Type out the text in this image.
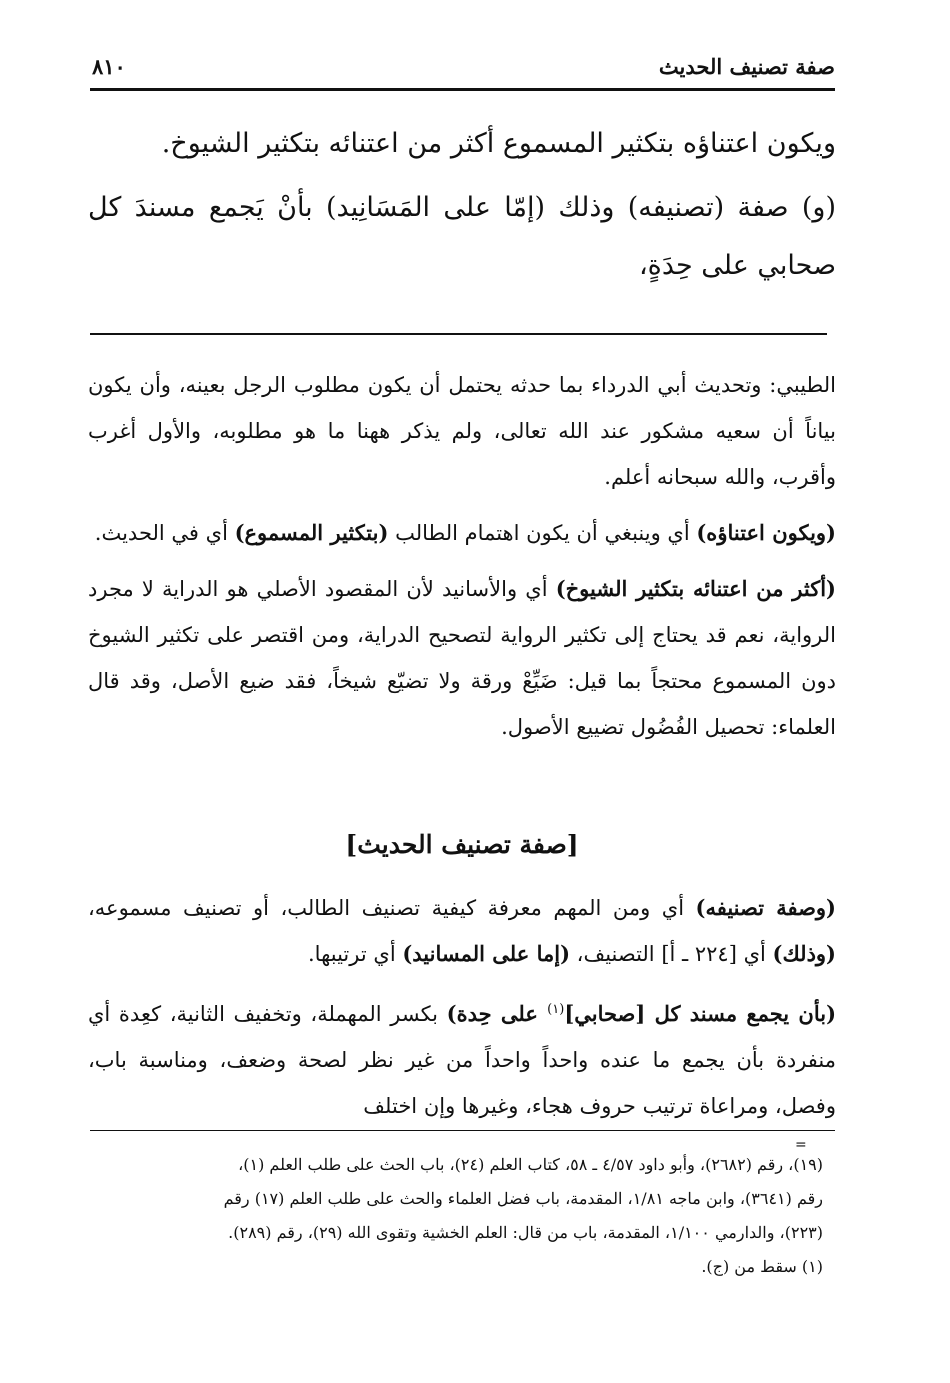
صفة تصنيف الحديث
٨١٠

ويكون اعتناؤه بتكثير المسموع أكثر من اعتنائه بتكثير الشيوخ.

(و) صفة (تصنيفه) وذلك (إمّا على المَسَانِيد) بأنْ يَجمع مسندَ كل صحابي على حِدَةٍ،

الطيبي: وتحديث أبي الدرداء بما حدثه يحتمل أن يكون مطلوب الرجل بعينه، وأن يكون بياناً أن سعيه مشكور عند الله تعالى، ولم يذكر ههنا ما هو مطلوبه، والأول أغرب وأقرب، والله سبحانه أعلم.

(ويكون اعتناؤه) أي وينبغي أن يكون اهتمام الطالب (بتكثير المسموع) أي في الحديث.

(أكثر من اعتنائه بتكثير الشيوخ) أي والأسانيد لأن المقصود الأصلي هو الدراية لا مجرد الرواية، نعم قد يحتاج إلى تكثير الرواية لتصحيح الدراية، ومن اقتصر على تكثير الشيوخ دون المسموع محتجاً بما قيل: ضَيِّعْ ورقة ولا تضيّع شيخاً، فقد ضيع الأصل، وقد قال العلماء: تحصيل الفُضُول تضييع الأصول.

[صفة تصنيف الحديث]

(وصفة تصنيفه) أي ومن المهم معرفة كيفية تصنيف الطالب، أو تصنيف مسموعه، (وذلك) أي [٢٢٤ ـ أ] التصنيف، (إما على المسانيد) أي ترتيبها.

(بأن يجمع مسند كل [صحابي]$^{(١)}$ على حِدة) بكسر المهملة، وتخفيف الثانية، كعِدة أي منفردة بأن يجمع ما عنده واحداً واحداً من غير نظر لصحة وضعف، ومناسبة باب، وفصل، ومراعاة ترتيب حروف هجاء، وغيرها وإن اختلف

=

(١٩)، رقم (٢٦٨٢)، وأبو داود ٤/٥٧ ـ ٥٨، كتاب العلم (٢٤)، باب الحث على طلب العلم (١)،

رقم (٣٦٤١)، وابن ماجه ١/٨١، المقدمة، باب فضل العلماء والحث على طلب العلم (١٧) رقم

(٢٢٣)، والدارمي ١/١٠٠، المقدمة، باب من قال: العلم الخشية وتقوى الله (٢٩)، رقم (٢٨٩).

(١) سقط من (ج).
